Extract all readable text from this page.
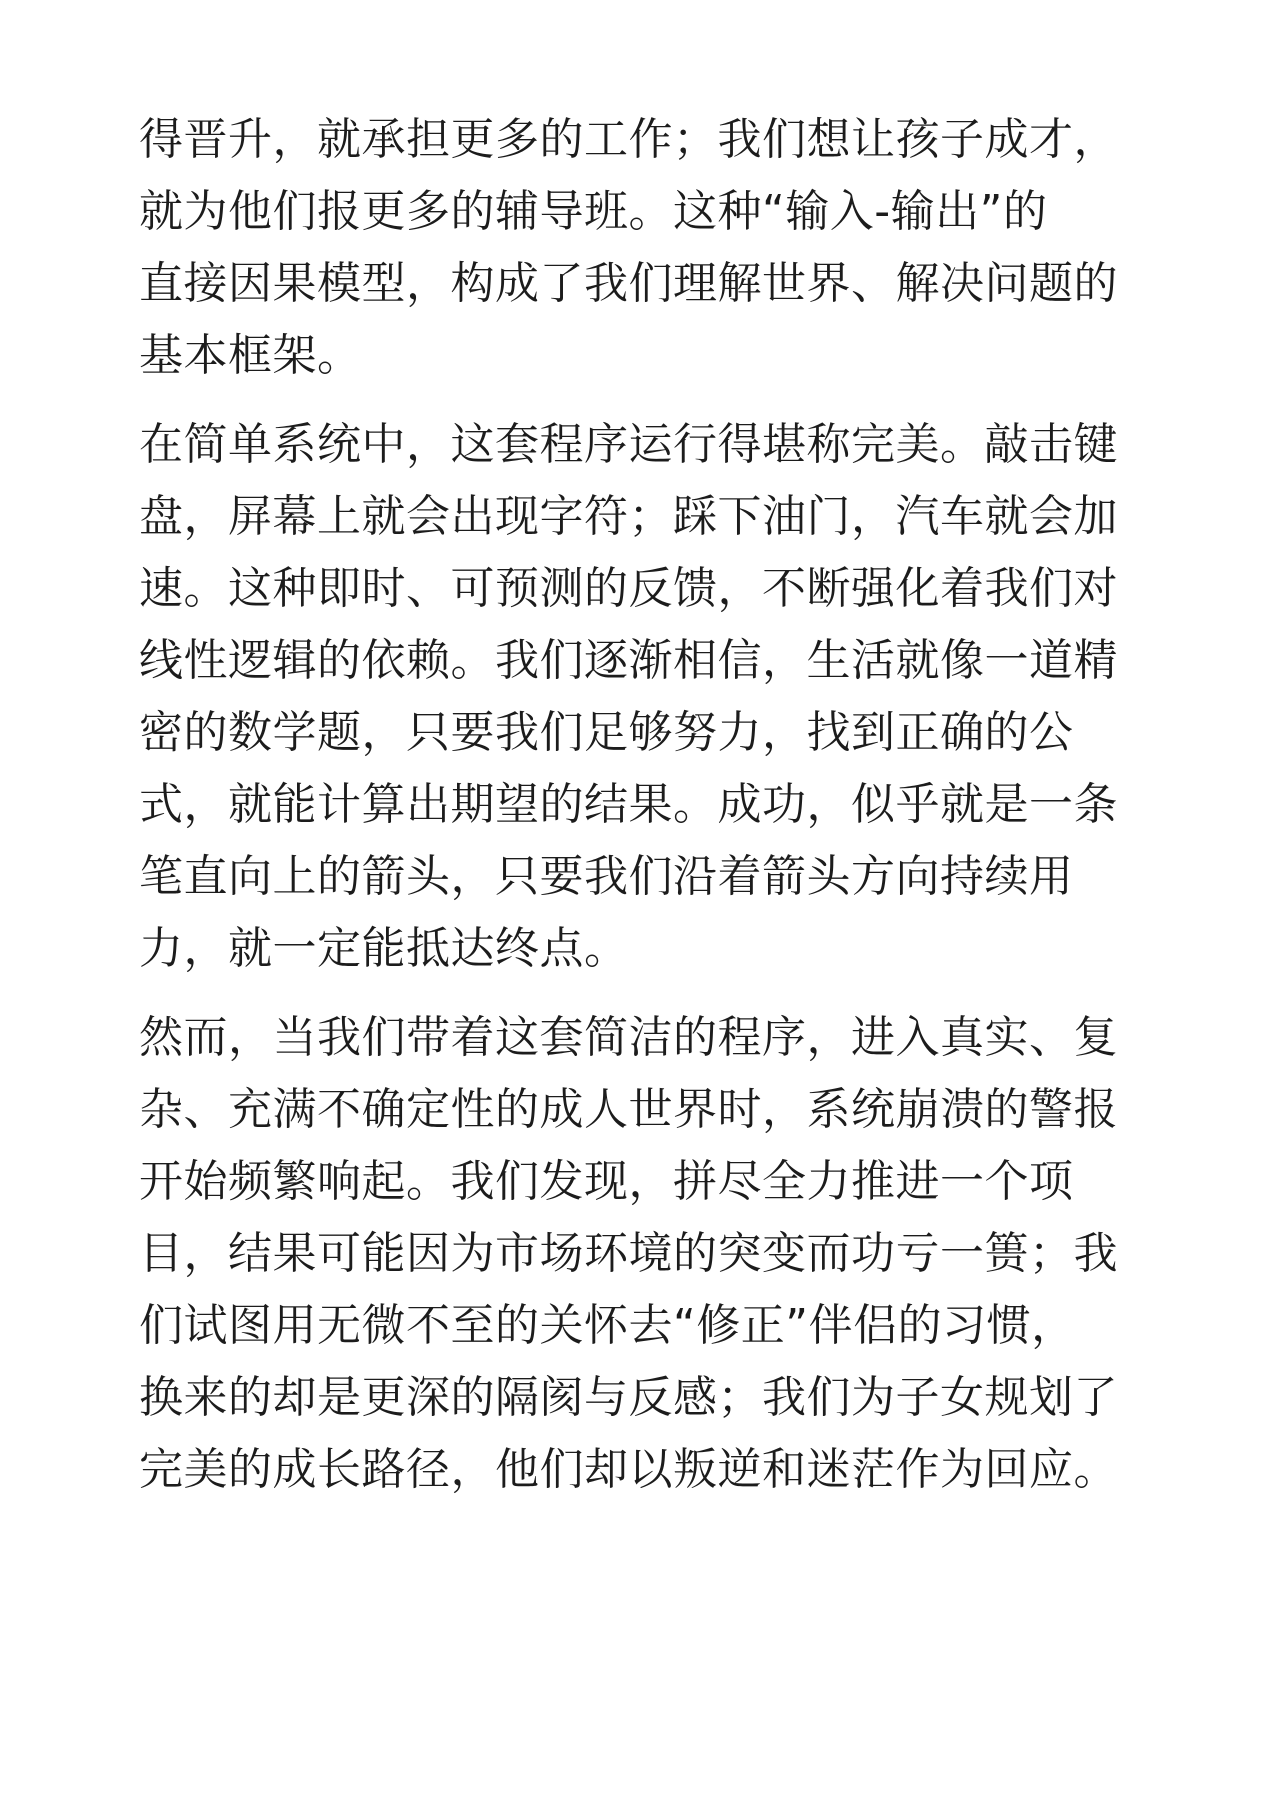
得晋升，就承担更多的工作；我们想让孩子成才，
就为他们报更多的辅导班。这种“输入-输出”的
直接因果模型，构成了我们理解世界、解决问题的
基本框架。
在简单系统中，这套程序运行得堪称完美。敲击键
盘，屏幕上就会出现字符；踩下油门，汽车就会加
速。这种即时、可预测的反馈，不断强化着我们对
线性逻辑的依赖。我们逐渐相信，生活就像一道精
密的数学题，只要我们足够努力，找到正确的公
式，就能计算出期望的结果。成功，似乎就是一条
笔直向上的箭头，只要我们沿着箭头方向持续用
力，就一定能抵达终点。
然而，当我们带着这套简洁的程序，进入真实、复
杂、充满不确定性的成人世界时，系统崩溃的警报
开始频繁响起。我们发现，拼尽全力推进一个项
目，结果可能因为市场环境的突变而功亏一篑；我
们试图用无微不至的关怀去“修正”伴侣的习惯，
换来的却是更深的隔阂与反感；我们为子女规划了
完美的成长路径，他们却以叛逆和迷茫作为回应。
